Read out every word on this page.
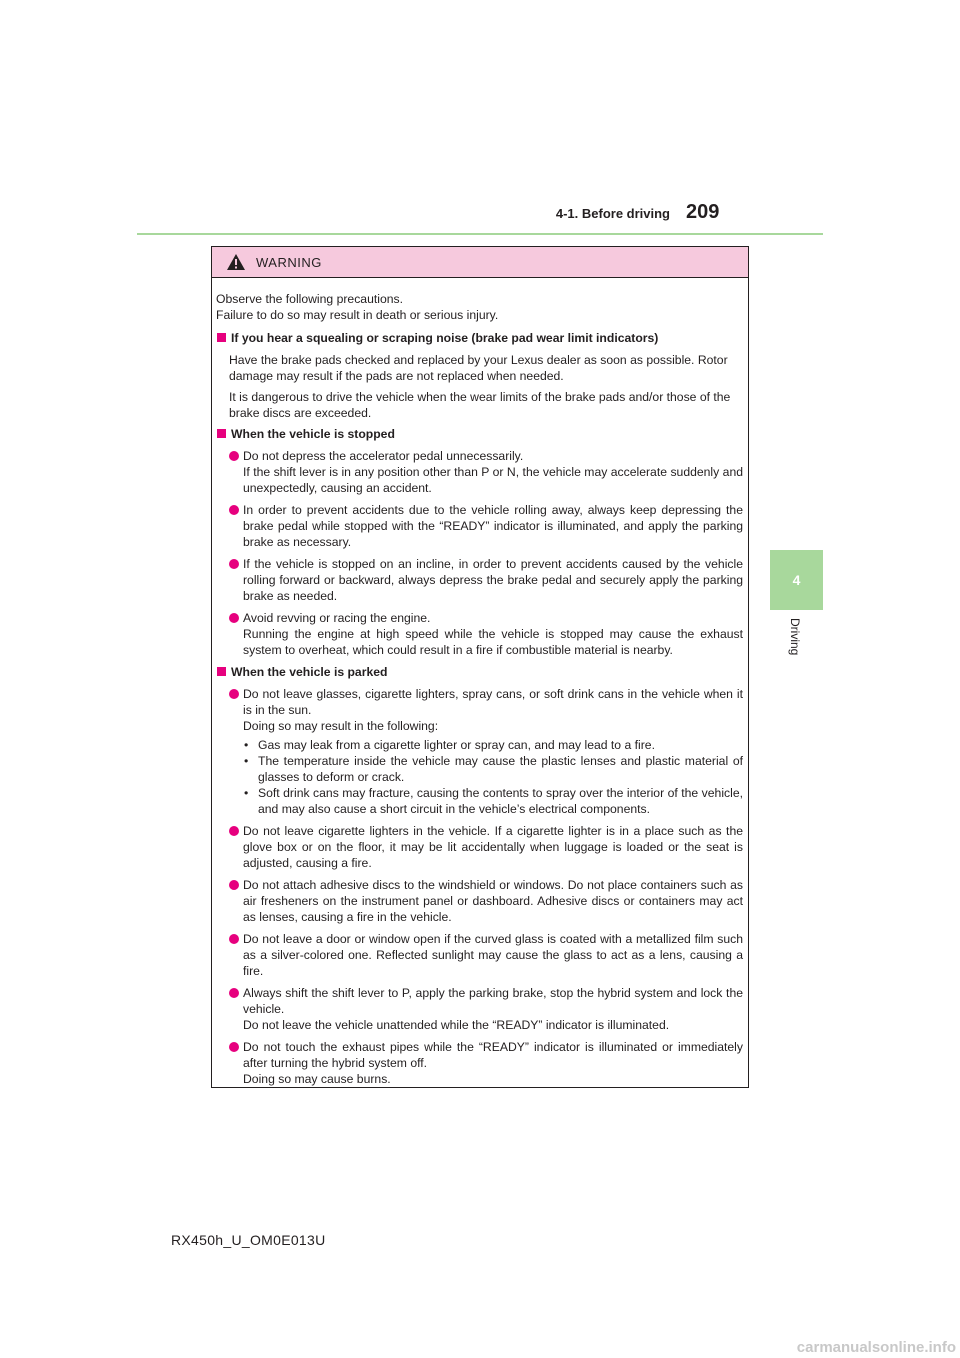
4-1. Before driving 209
4
Driving
WARNING

Observe the following precautions.
Failure to do so may result in death or serious injury.

If you hear a squealing or scraping noise (brake pad wear limit indicators)

Have the brake pads checked and replaced by your Lexus dealer as soon as possible. Rotor damage may result if the pads are not replaced when needed.

It is dangerous to drive the vehicle when the wear limits of the brake pads and/or those of the brake discs are exceeded.

When the vehicle is stopped
Do not depress the accelerator pedal unnecessarily.
If the shift lever is in any position other than P or N, the vehicle may accelerate suddenly and unexpectedly, causing an accident.
In order to prevent accidents due to the vehicle rolling away, always keep depressing the brake pedal while stopped with the “READY” indicator is illuminated, and apply the parking brake as necessary.
If the vehicle is stopped on an incline, in order to prevent accidents caused by the vehicle rolling forward or backward, always depress the brake pedal and securely apply the parking brake as needed.
Avoid revving or racing the engine.
Running the engine at high speed while the vehicle is stopped may cause the exhaust system to overheat, which could result in a fire if combustible material is nearby.
When the vehicle is parked
Do not leave glasses, cigarette lighters, spray cans, or soft drink cans in the vehicle when it is in the sun.
Doing so may result in the following:
• Gas may leak from a cigarette lighter or spray can, and may lead to a fire.
• The temperature inside the vehicle may cause the plastic lenses and plastic material of glasses to deform or crack.
• Soft drink cans may fracture, causing the contents to spray over the interior of the vehicle, and may also cause a short circuit in the vehicle’s electrical components.
Do not leave cigarette lighters in the vehicle. If a cigarette lighter is in a place such as the glove box or on the floor, it may be lit accidentally when luggage is loaded or the seat is adjusted, causing a fire.
Do not attach adhesive discs to the windshield or windows. Do not place containers such as air fresheners on the instrument panel or dashboard. Adhesive discs or containers may act as lenses, causing a fire in the vehicle.
Do not leave a door or window open if the curved glass is coated with a metallized film such as a silver-colored one. Reflected sunlight may cause the glass to act as a lens, causing a fire.
Always shift the shift lever to P, apply the parking brake, stop the hybrid system and lock the vehicle.
Do not leave the vehicle unattended while the “READY” indicator is illuminated.
Do not touch the exhaust pipes while the “READY” indicator is illuminated or immediately after turning the hybrid system off.
Doing so may cause burns.
RX450h_U_OM0E013U
carmanualsonline.info
